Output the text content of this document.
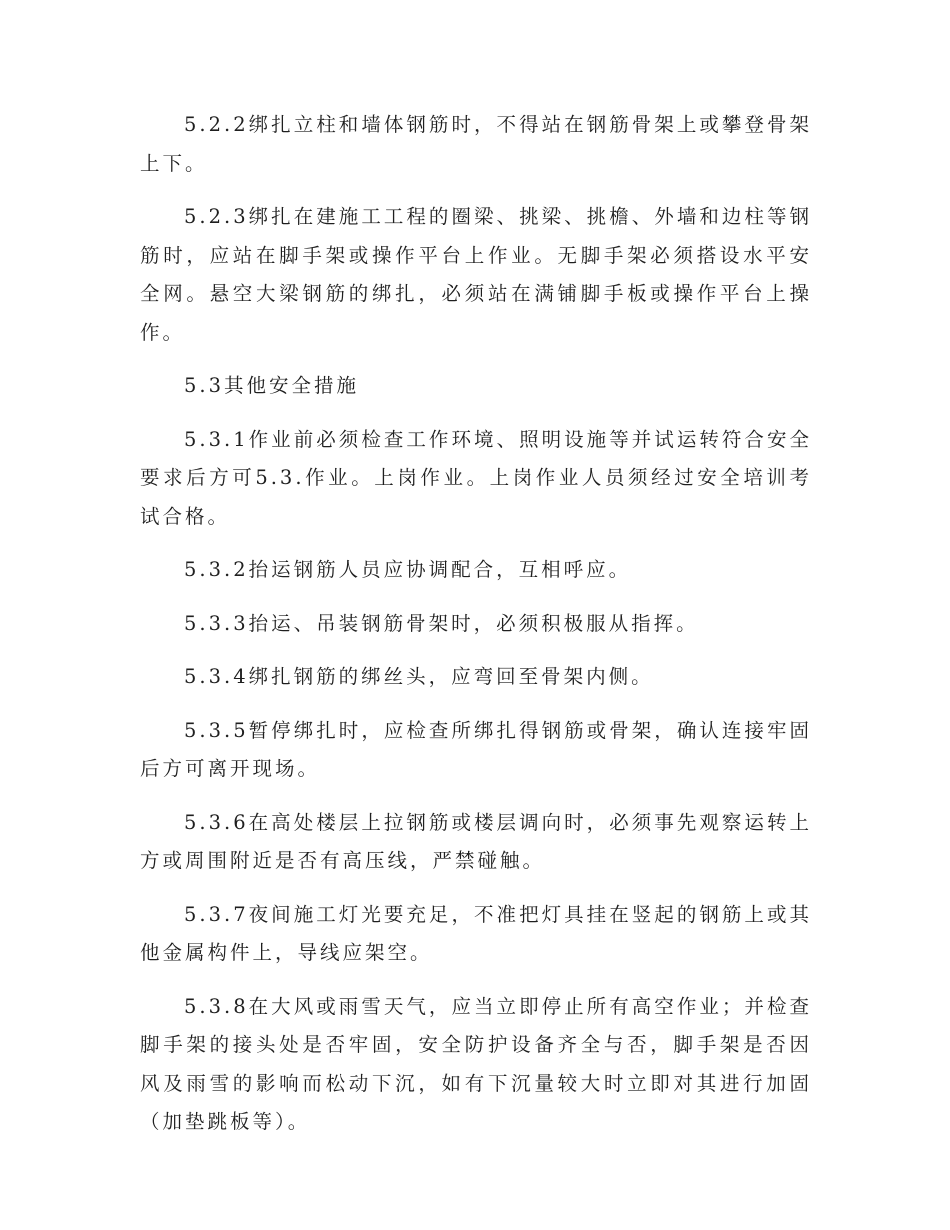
5.2.2绑扎立柱和墙体钢筋时，不得站在钢筋骨架上或攀登骨架上下。

5.2.3绑扎在建施工工程的圈梁、挑梁、挑檐、外墙和边柱等钢筋时，应站在脚手架或操作平台上作业。无脚手架必须搭设水平安全网。悬空大梁钢筋的绑扎，必须站在满铺脚手板或操作平台上操作。

5.3其他安全措施

5.3.1作业前必须检查工作环境、照明设施等并试运转符合安全要求后方可5.3.作业。上岗作业。上岗作业人员须经过安全培训考试合格。

5.3.2抬运钢筋人员应协调配合，互相呼应。

5.3.3抬运、吊装钢筋骨架时，必须积极服从指挥。

5.3.4绑扎钢筋的绑丝头，应弯回至骨架内侧。

5.3.5暂停绑扎时，应检查所绑扎得钢筋或骨架，确认连接牢固后方可离开现场。

5.3.6在高处楼层上拉钢筋或楼层调向时，必须事先观察运转上方或周围附近是否有高压线，严禁碰触。

5.3.7夜间施工灯光要充足，不准把灯具挂在竖起的钢筋上或其他金属构件上，导线应架空。

5.3.8在大风或雨雪天气，应当立即停止所有高空作业；并检查脚手架的接头处是否牢固，安全防护设备齐全与否，脚手架是否因风及雨雪的影响而松动下沉，如有下沉量较大时立即对其进行加固（加垫跳板等）。
